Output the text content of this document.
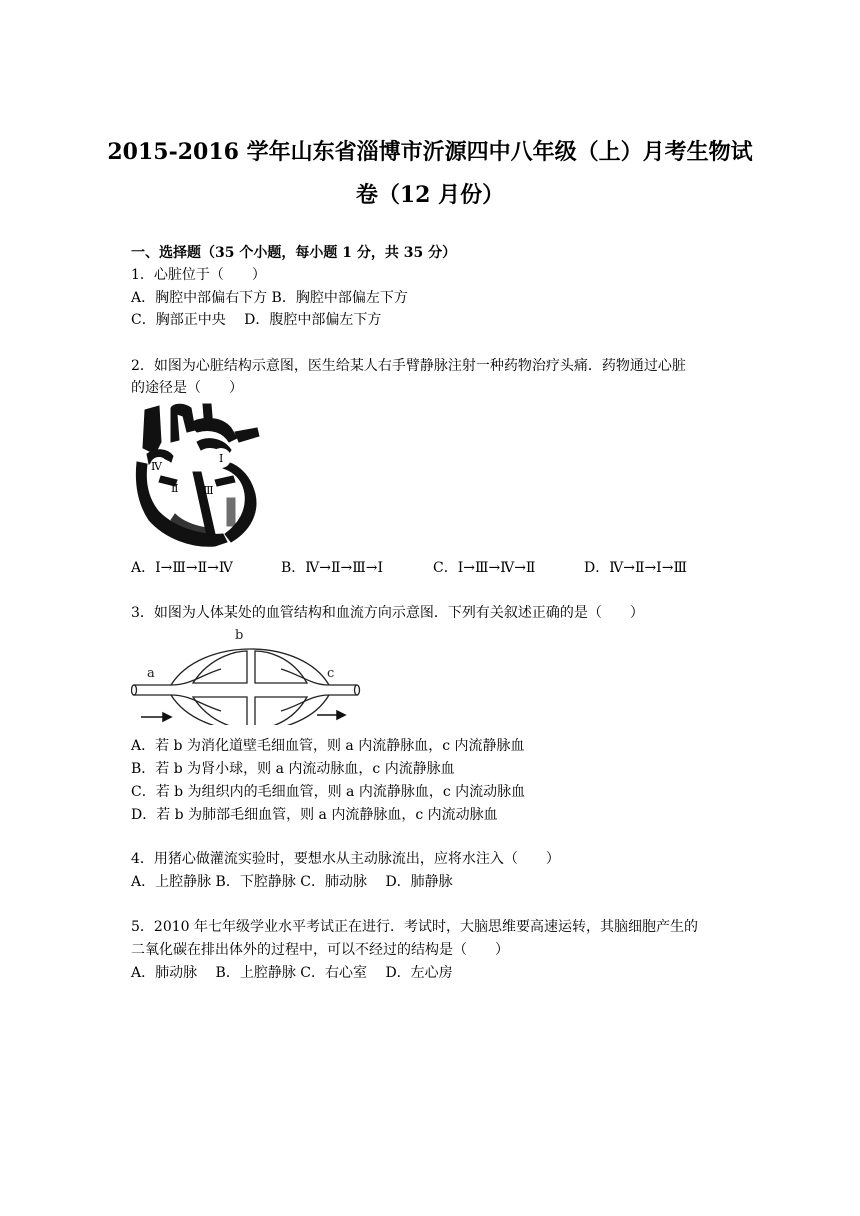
2015-2016 学年山东省淄博市沂源四中八年级（上）月考生物试
卷（12 月份）
一、选择题（35 个小题，每小题 1 分，共 35 分）
1．心脏位于（　　）
A．胸腔中部偏右下方 B．胸腔中部偏左下方
C．胸部正中央　 D．腹腔中部偏左下方
2．如图为心脏结构示意图，医生给某人右手臂静脉注射一种药物治疗头痛．药物通过心脏
的途径是（　　）
Ⅳ
Ⅱ Ⅲ
Ⅰ
A．Ⅰ→Ⅲ→Ⅱ→Ⅳ	B．Ⅳ→Ⅱ→Ⅲ→Ⅰ	C．Ⅰ→Ⅲ→Ⅳ→Ⅱ	D．Ⅳ→Ⅱ→Ⅰ→Ⅲ
3．如图为人体某处的血管结构和血流方向示意图．下列有关叙述正确的是（　　）
a
b
c
A．若 b 为消化道壁毛细血管，则 a 内流静脉血，c 内流静脉血
B．若 b 为肾小球，则 a 内流动脉血，c 内流静脉血
C．若 b 为组织内的毛细血管，则 a 内流静脉血，c 内流动脉血
D．若 b 为肺部毛细血管，则 a 内流静脉血，c 内流动脉血
4．用猪心做灌流实验时，要想水从主动脉流出，应将水注入（　　）
A．上腔静脉 B．下腔静脉 C．肺动脉　 D．肺静脉
5．2010 年七年级学业水平考试正在进行．考试时，大脑思维要高速运转，其脑细胞产生的
二氧化碳在排出体外的过程中，可以不经过的结构是（　　）
A．肺动脉　 B．上腔静脉 C．右心室　 D．左心房
